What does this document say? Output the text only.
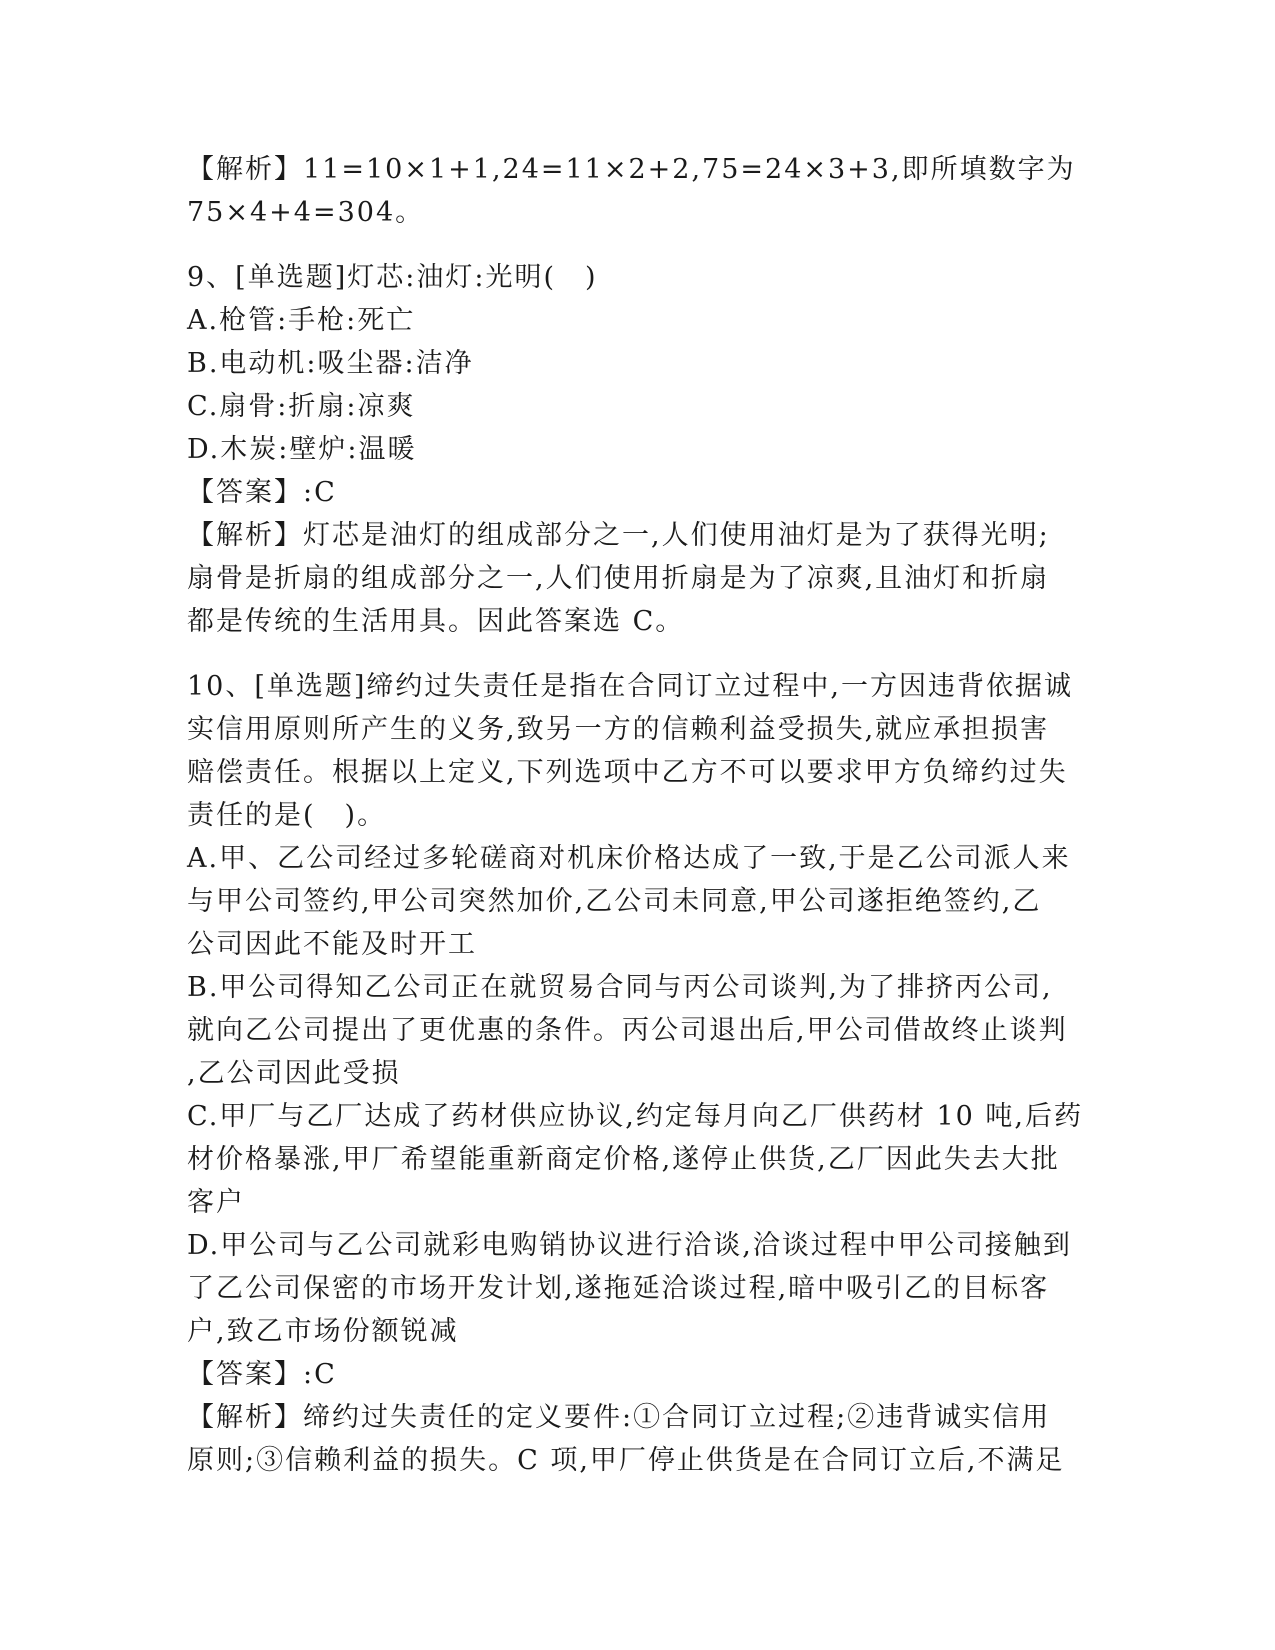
【解析】11=10×1+1,24=11×2+2,75=24×3+3,即所填数字为
75×4+4=304。
9、[单选题]灯芯:油灯:光明(　)
A.枪管:手枪:死亡
B.电动机:吸尘器:洁净
C.扇骨:折扇:凉爽
D.木炭:壁炉:温暖
【答案】:C
【解析】灯芯是油灯的组成部分之一,人们使用油灯是为了获得光明;
扇骨是折扇的组成部分之一,人们使用折扇是为了凉爽,且油灯和折扇
都是传统的生活用具。因此答案选 C。
10、[单选题]缔约过失责任是指在合同订立过程中,一方因违背依据诚
实信用原则所产生的义务,致另一方的信赖利益受损失,就应承担损害
赔偿责任。根据以上定义,下列选项中乙方不可以要求甲方负缔约过失
责任的是(　)。
A.甲、乙公司经过多轮磋商对机床价格达成了一致,于是乙公司派人来
与甲公司签约,甲公司突然加价,乙公司未同意,甲公司遂拒绝签约,乙
公司因此不能及时开工
B.甲公司得知乙公司正在就贸易合同与丙公司谈判,为了排挤丙公司,
就向乙公司提出了更优惠的条件。丙公司退出后,甲公司借故终止谈判
,乙公司因此受损
C.甲厂与乙厂达成了药材供应协议,约定每月向乙厂供药材 10 吨,后药
材价格暴涨,甲厂希望能重新商定价格,遂停止供货,乙厂因此失去大批
客户
D.甲公司与乙公司就彩电购销协议进行洽谈,洽谈过程中甲公司接触到
了乙公司保密的市场开发计划,遂拖延洽谈过程,暗中吸引乙的目标客
户,致乙市场份额锐减
【答案】:C
【解析】缔约过失责任的定义要件:①合同订立过程;②违背诚实信用
原则;③信赖利益的损失。C 项,甲厂停止供货是在合同订立后,不满足
